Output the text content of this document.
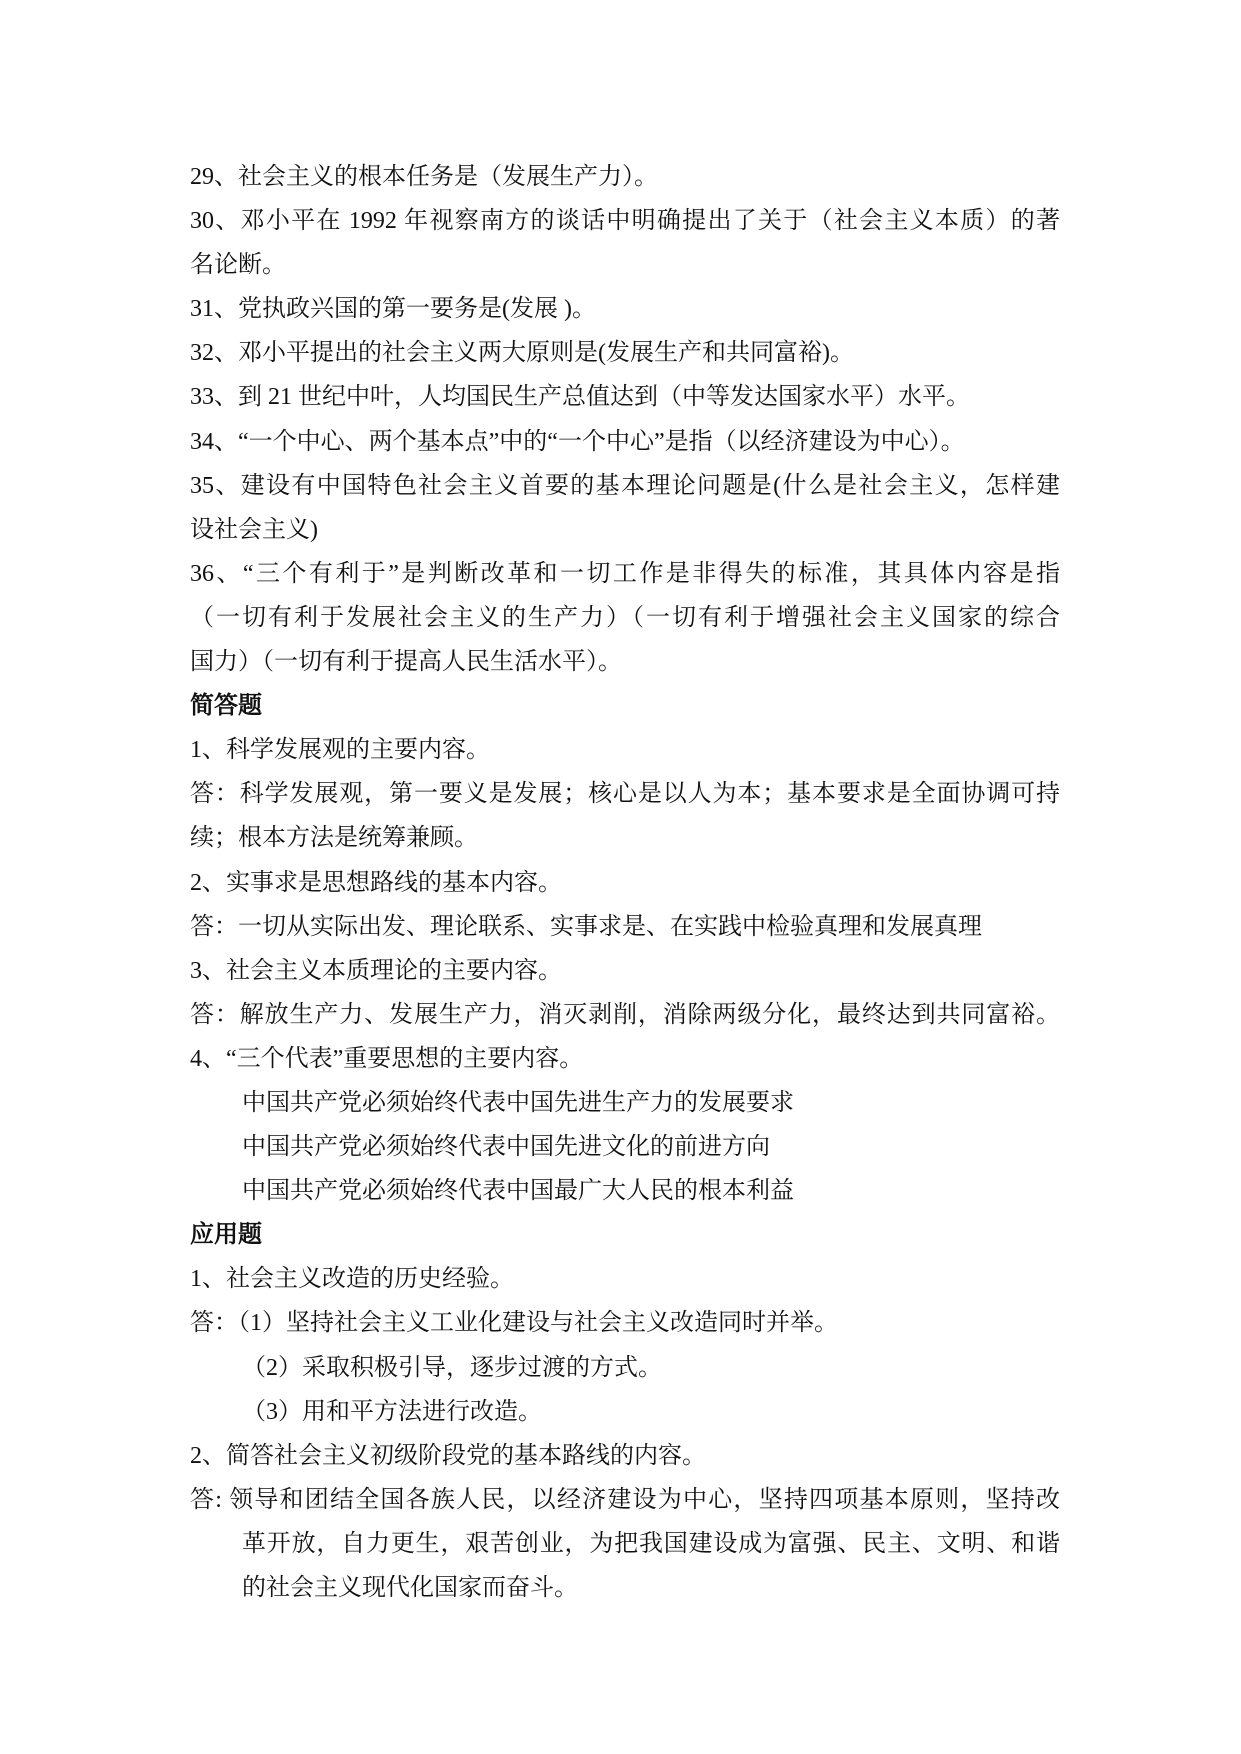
29、社会主义的根本任务是（发展生产力）。
30、邓小平在 1992 年视察南方的谈话中明确提出了关于（社会主义本质）的著
名论断。
31、党执政兴国的第一要务是(发展 )。
32、邓小平提出的社会主义两大原则是(发展生产和共同富裕)。
33、到 21 世纪中叶，人均国民生产总值达到（中等发达国家水平）水平。
34、“一个中心、两个基本点”中的“一个中心”是指（以经济建设为中心）。
35、建设有中国特色社会主义首要的基本理论问题是(什么是社会主义，怎样建
设社会主义)
36、“三个有利于”是判断改革和一切工作是非得失的标准，其具体内容是指
（一切有利于发展社会主义的生产力）（一切有利于增强社会主义国家的综合
国力）（一切有利于提高人民生活水平）。
简答题
1、科学发展观的主要内容。
答：科学发展观，第一要义是发展；核心是以人为本；基本要求是全面协调可持
续；根本方法是统筹兼顾。
2、实事求是思想路线的基本内容。
答：一切从实际出发、理论联系、实事求是、在实践中检验真理和发展真理
3、社会主义本质理论的主要内容。
答：解放生产力、发展生产力，消灭剥削，消除两级分化，最终达到共同富裕。
4、“三个代表”重要思想的主要内容。
中国共产党必须始终代表中国先进生产力的发展要求
中国共产党必须始终代表中国先进文化的前进方向
中国共产党必须始终代表中国最广大人民的根本利益
应用题
1、社会主义改造的历史经验。
答：（1）坚持社会主义工业化建设与社会主义改造同时并举。
（2）采取积极引导，逐步过渡的方式。
（3）用和平方法进行改造。
2、简答社会主义初级阶段党的基本路线的内容。
答: 领导和团结全国各族人民，以经济建设为中心，坚持四项基本原则，坚持改
革开放，自力更生，艰苦创业，为把我国建设成为富强、民主、文明、和谐
的社会主义现代化国家而奋斗。
